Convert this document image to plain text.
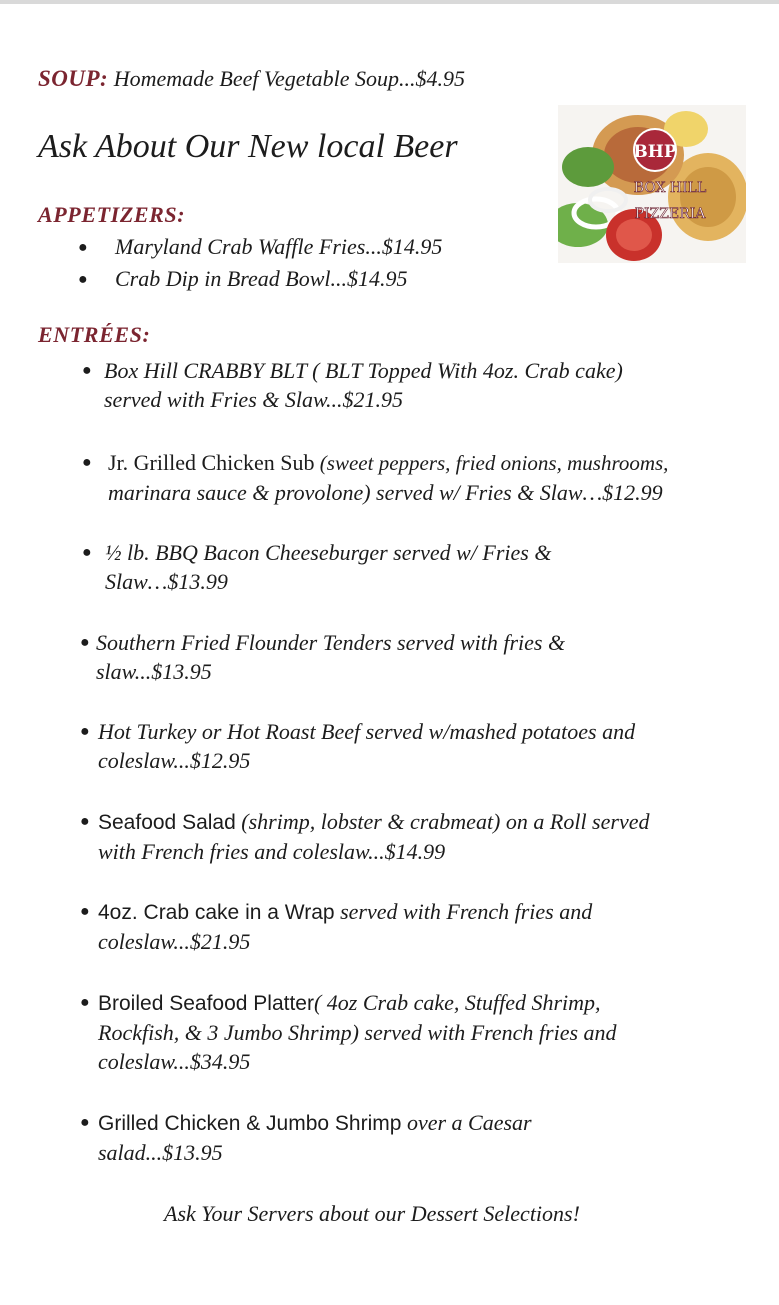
SOUP: Homemade Beef Vegetable Soup...$4.95
Ask About Our New local Beer	BHP
BOX HILL
PIZZERIA
APPETIZERS:
● Maryland Crab Waffle Fries...$14.95
● Crab Dip in Bread Bowl...$14.95
ENTRÉES:
● Box Hill CRABBY BLT ( BLT Topped With 4oz. Crab cake)
served with Fries & Slaw...$21.95
● Jr. Grilled Chicken Sub (sweet peppers, fried onions, mushrooms,
marinara sauce & provolone) served w/ Fries & Slaw…$12.99
● ½ lb. BBQ Bacon Cheeseburger served w/ Fries &
Slaw…$13.99
● Southern Fried Flounder Tenders served with fries &
slaw...$13.95
● Hot Turkey or Hot Roast Beef served w/mashed potatoes and
coleslaw...$12.95
● Seafood Salad (shrimp, lobster & crabmeat) on a Roll served
with French fries and coleslaw...$14.99
● 4oz. Crab cake in a Wrap served with French fries and
coleslaw...$21.95
● Broiled Seafood Platter( 4oz Crab cake, Stuffed Shrimp,
Rockfish, & 3 Jumbo Shrimp) served with French fries and
coleslaw...$34.95
● Grilled Chicken & Jumbo Shrimp over a Caesar
salad...$13.95
Ask Your Servers about our Dessert Selections!
